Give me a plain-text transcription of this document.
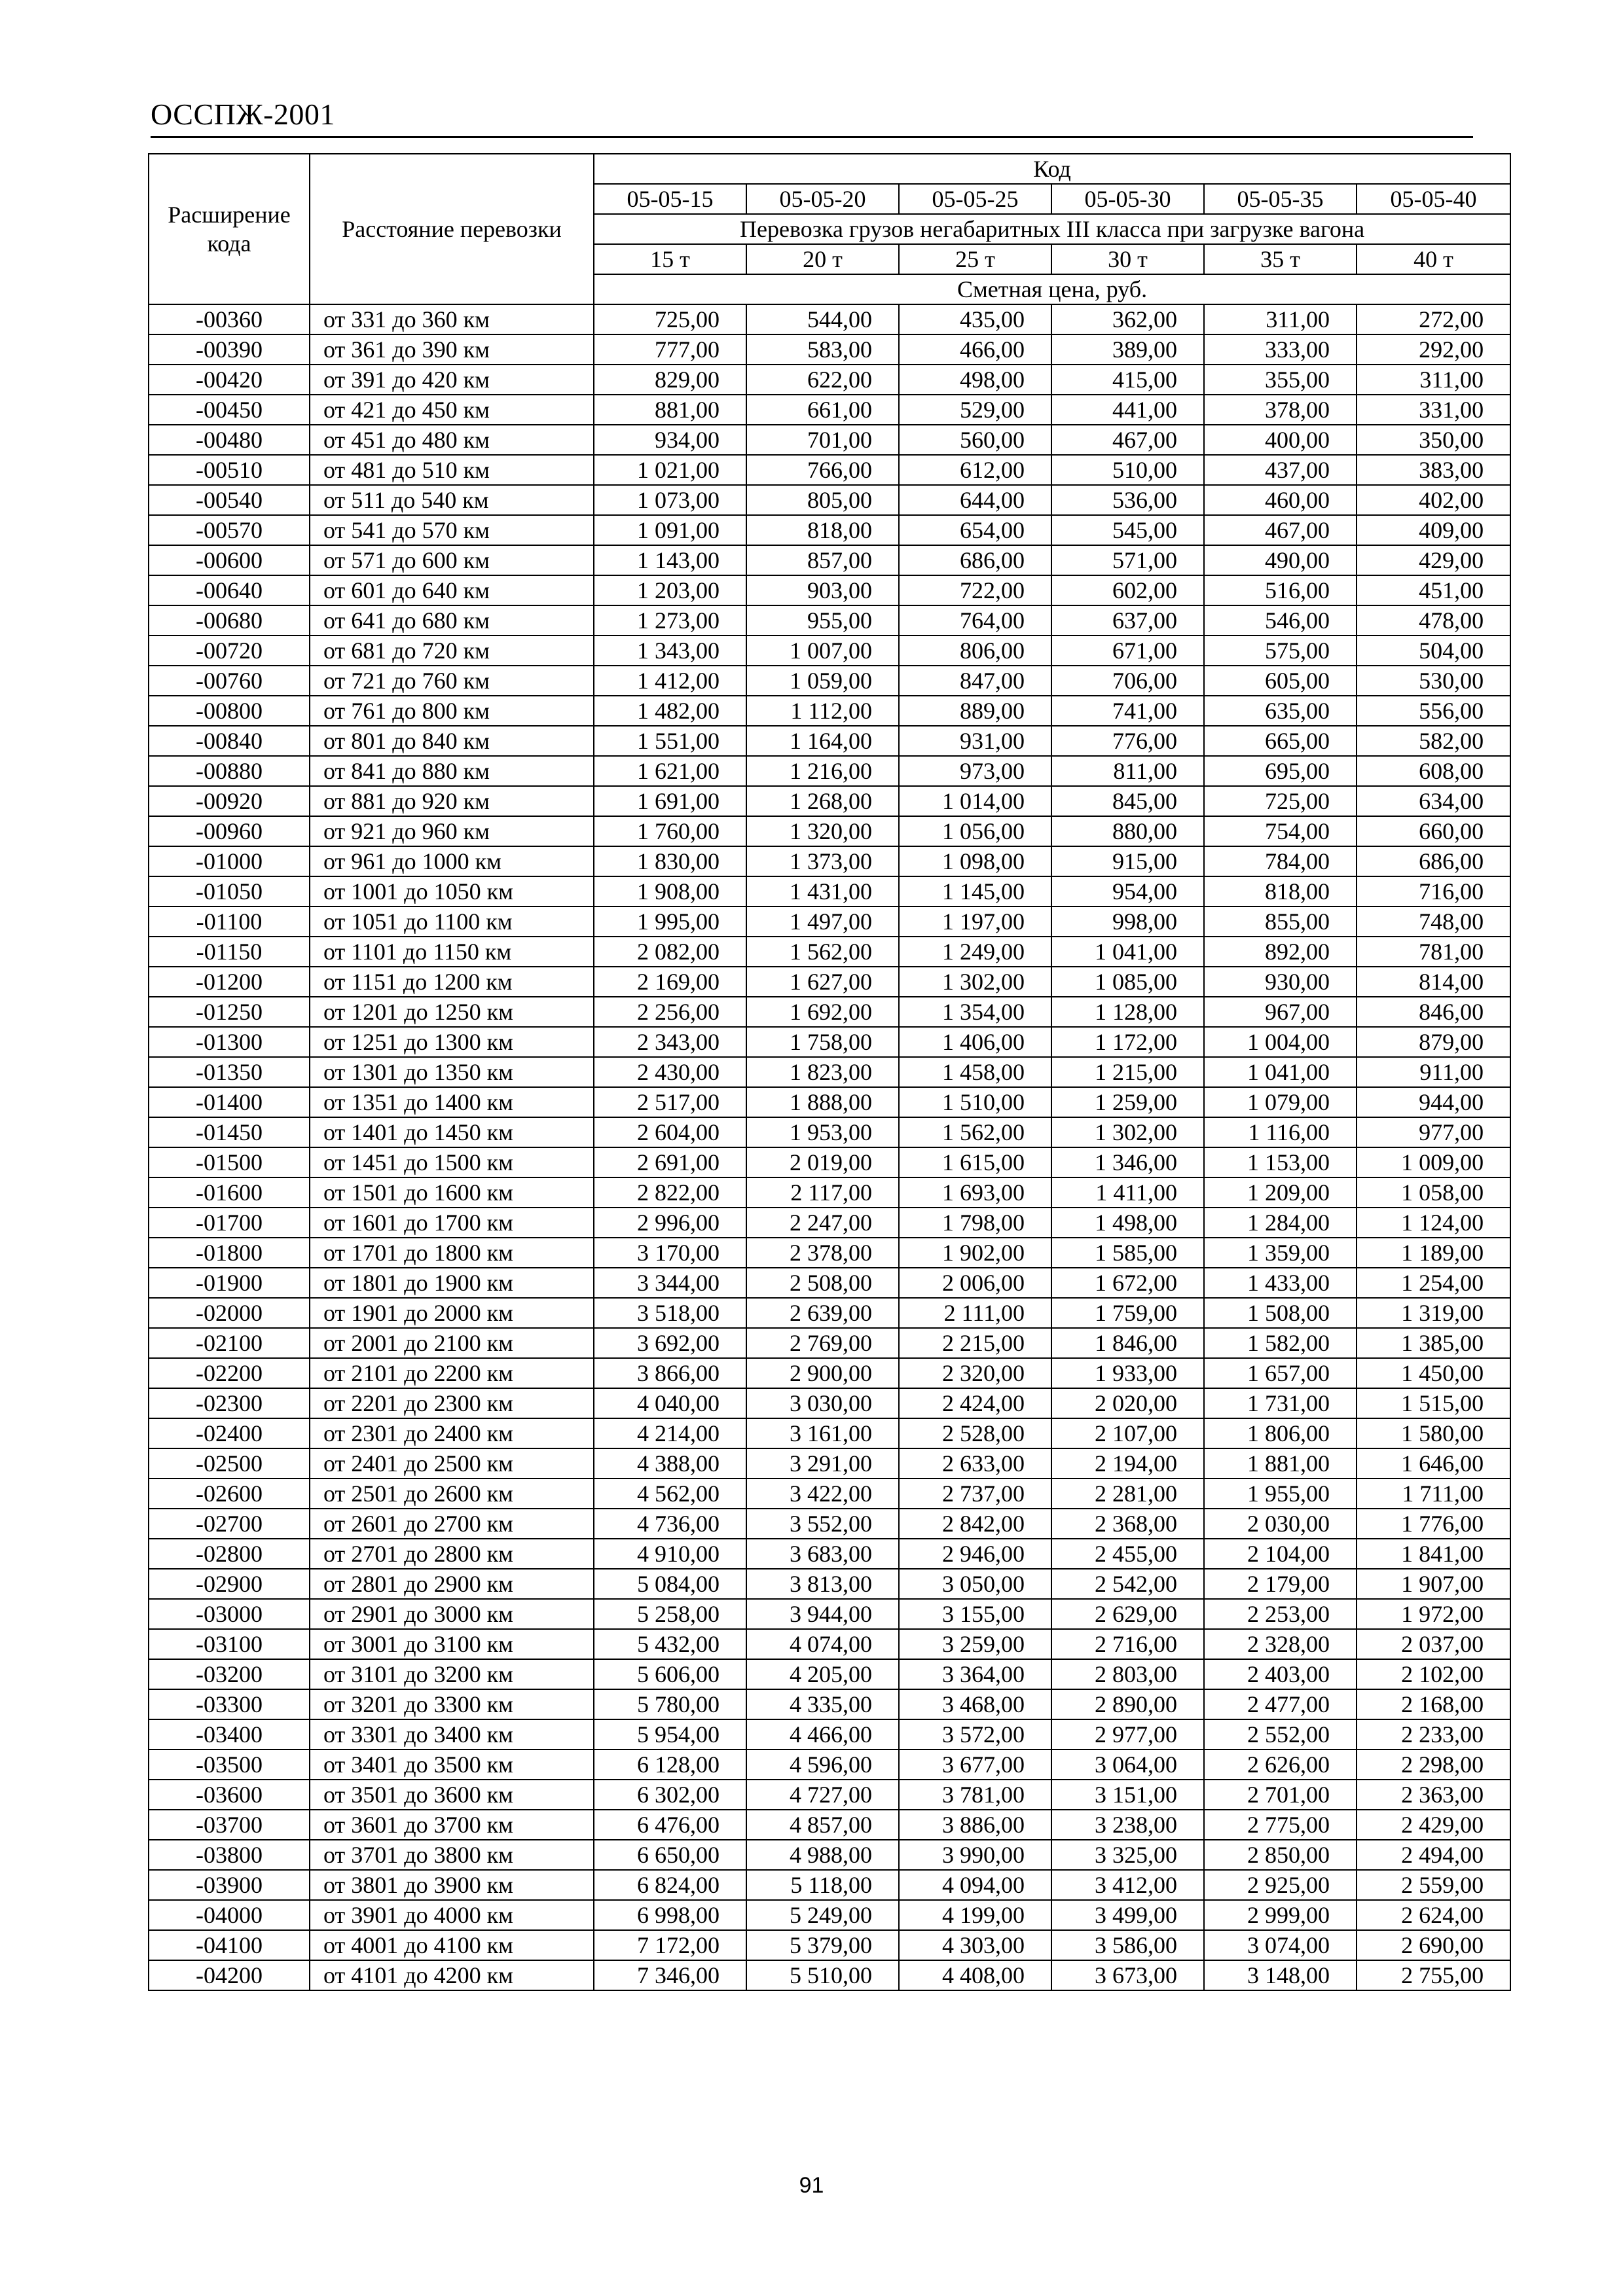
ОССПЖ-2001
Расширение кода	Расстояние перевозки	Код					
		05-05-15	05-05-20	05-05-25	05-05-30	05-05-35	05-05-40
		Перевозка грузов негабаритных III класса при загрузке вагона					
		15 т	20 т	25 т	30 т	35 т	40 т
		Сметная цена, руб.					
-00360	от 331 до 360 км	725,00	544,00	435,00	362,00	311,00	272,00
-00390	от 361 до 390 км	777,00	583,00	466,00	389,00	333,00	292,00
-00420	от 391 до 420 км	829,00	622,00	498,00	415,00	355,00	311,00
-00450	от 421 до 450 км	881,00	661,00	529,00	441,00	378,00	331,00
-00480	от 451 до 480 км	934,00	701,00	560,00	467,00	400,00	350,00
-00510	от 481 до 510 км	1 021,00	766,00	612,00	510,00	437,00	383,00
-00540	от 511 до 540 км	1 073,00	805,00	644,00	536,00	460,00	402,00
-00570	от 541 до 570 км	1 091,00	818,00	654,00	545,00	467,00	409,00
-00600	от 571 до 600 км	1 143,00	857,00	686,00	571,00	490,00	429,00
-00640	от 601 до 640 км	1 203,00	903,00	722,00	602,00	516,00	451,00
-00680	от 641 до 680 км	1 273,00	955,00	764,00	637,00	546,00	478,00
-00720	от 681 до 720 км	1 343,00	1 007,00	806,00	671,00	575,00	504,00
-00760	от 721 до 760 км	1 412,00	1 059,00	847,00	706,00	605,00	530,00
-00800	от 761 до 800 км	1 482,00	1 112,00	889,00	741,00	635,00	556,00
-00840	от 801 до 840 км	1 551,00	1 164,00	931,00	776,00	665,00	582,00
-00880	от 841 до 880 км	1 621,00	1 216,00	973,00	811,00	695,00	608,00
-00920	от 881 до 920 км	1 691,00	1 268,00	1 014,00	845,00	725,00	634,00
-00960	от 921 до 960 км	1 760,00	1 320,00	1 056,00	880,00	754,00	660,00
-01000	от 961 до 1000 км	1 830,00	1 373,00	1 098,00	915,00	784,00	686,00
-01050	от 1001 до 1050 км	1 908,00	1 431,00	1 145,00	954,00	818,00	716,00
-01100	от 1051 до 1100 км	1 995,00	1 497,00	1 197,00	998,00	855,00	748,00
-01150	от 1101 до 1150 км	2 082,00	1 562,00	1 249,00	1 041,00	892,00	781,00
-01200	от 1151 до 1200 км	2 169,00	1 627,00	1 302,00	1 085,00	930,00	814,00
-01250	от 1201 до 1250 км	2 256,00	1 692,00	1 354,00	1 128,00	967,00	846,00
-01300	от 1251 до 1300 км	2 343,00	1 758,00	1 406,00	1 172,00	1 004,00	879,00
-01350	от 1301 до 1350 км	2 430,00	1 823,00	1 458,00	1 215,00	1 041,00	911,00
-01400	от 1351 до 1400 км	2 517,00	1 888,00	1 510,00	1 259,00	1 079,00	944,00
-01450	от 1401 до 1450 км	2 604,00	1 953,00	1 562,00	1 302,00	1 116,00	977,00
-01500	от 1451 до 1500 км	2 691,00	2 019,00	1 615,00	1 346,00	1 153,00	1 009,00
-01600	от 1501 до 1600 км	2 822,00	2 117,00	1 693,00	1 411,00	1 209,00	1 058,00
-01700	от 1601 до 1700 км	2 996,00	2 247,00	1 798,00	1 498,00	1 284,00	1 124,00
-01800	от 1701 до 1800 км	3 170,00	2 378,00	1 902,00	1 585,00	1 359,00	1 189,00
-01900	от 1801 до 1900 км	3 344,00	2 508,00	2 006,00	1 672,00	1 433,00	1 254,00
-02000	от 1901 до 2000 км	3 518,00	2 639,00	2 111,00	1 759,00	1 508,00	1 319,00
-02100	от 2001 до 2100 км	3 692,00	2 769,00	2 215,00	1 846,00	1 582,00	1 385,00
-02200	от 2101 до 2200 км	3 866,00	2 900,00	2 320,00	1 933,00	1 657,00	1 450,00
-02300	от 2201 до 2300 км	4 040,00	3 030,00	2 424,00	2 020,00	1 731,00	1 515,00
-02400	от 2301 до 2400 км	4 214,00	3 161,00	2 528,00	2 107,00	1 806,00	1 580,00
-02500	от 2401 до 2500 км	4 388,00	3 291,00	2 633,00	2 194,00	1 881,00	1 646,00
-02600	от 2501 до 2600 км	4 562,00	3 422,00	2 737,00	2 281,00	1 955,00	1 711,00
-02700	от 2601 до 2700 км	4 736,00	3 552,00	2 842,00	2 368,00	2 030,00	1 776,00
-02800	от 2701 до 2800 км	4 910,00	3 683,00	2 946,00	2 455,00	2 104,00	1 841,00
-02900	от 2801 до 2900 км	5 084,00	3 813,00	3 050,00	2 542,00	2 179,00	1 907,00
-03000	от 2901 до 3000 км	5 258,00	3 944,00	3 155,00	2 629,00	2 253,00	1 972,00
-03100	от 3001 до 3100 км	5 432,00	4 074,00	3 259,00	2 716,00	2 328,00	2 037,00
-03200	от 3101 до 3200 км	5 606,00	4 205,00	3 364,00	2 803,00	2 403,00	2 102,00
-03300	от 3201 до 3300 км	5 780,00	4 335,00	3 468,00	2 890,00	2 477,00	2 168,00
-03400	от 3301 до 3400 км	5 954,00	4 466,00	3 572,00	2 977,00	2 552,00	2 233,00
-03500	от 3401 до 3500 км	6 128,00	4 596,00	3 677,00	3 064,00	2 626,00	2 298,00
-03600	от 3501 до 3600 км	6 302,00	4 727,00	3 781,00	3 151,00	2 701,00	2 363,00
-03700	от 3601 до 3700 км	6 476,00	4 857,00	3 886,00	3 238,00	2 775,00	2 429,00
-03800	от 3701 до 3800 км	6 650,00	4 988,00	3 990,00	3 325,00	2 850,00	2 494,00
-03900	от 3801 до 3900 км	6 824,00	5 118,00	4 094,00	3 412,00	2 925,00	2 559,00
-04000	от 3901 до 4000 км	6 998,00	5 249,00	4 199,00	3 499,00	2 999,00	2 624,00
-04100	от 4001 до 4100 км	7 172,00	5 379,00	4 303,00	3 586,00	3 074,00	2 690,00
-04200	от 4101 до 4200 км	7 346,00	5 510,00	4 408,00	3 673,00	3 148,00	2 755,00
91
